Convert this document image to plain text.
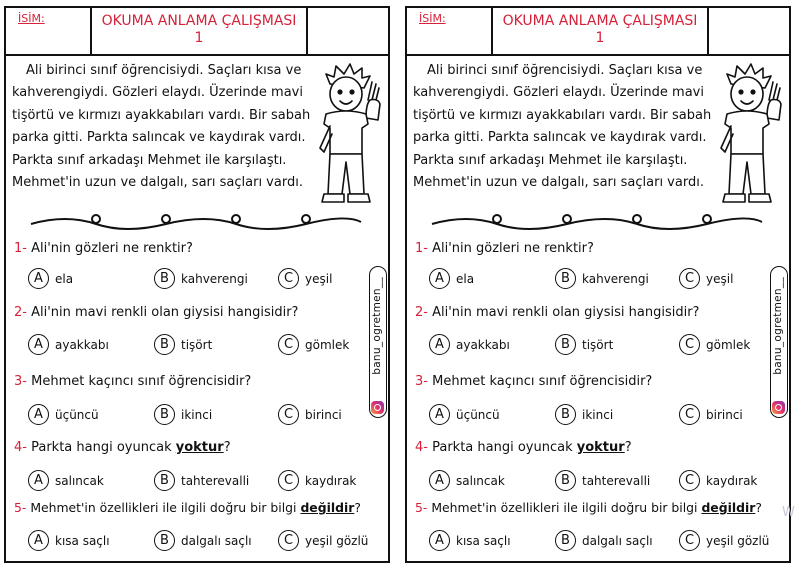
İSİM:	OKUMA ANLAMA ÇALIŞMASI
1
Ali birinci sınıf öğrencisiydi. Saçları kısa ve
kahverengiydi. Gözleri elaydı. Üzerinde mavi
tişörtü ve kırmızı ayakkabıları vardı. Bir sabah
parka gitti. Parkta salıncak ve kaydırak vardı.
Parkta sınıf arkadaşı Mehmet ile karşılaştı.
Mehmet'in uzun ve dalgalı, sarı saçları vardı.
1- Ali'nin gözleri ne renktir?
A	ela	B	kahverengi	C yeşil
2- Ali'nin mavi renkli olan giysisi hangisidir?
A	ayakkabı	B	tişört	C gömlek
3- Mehmet kaçıncı sınıf öğrencisidir?
A	üçüncü	B	ikinci	C birinci
4- Parkta hangi oyuncak yoktur?
A	salıncak	B	tahterevalli	C kaydırak
5- Mehmet'in özellikleri ile ilgili doğru bir bilgi değildir?
A	kısa saçlı	B	dalgalı saçlı	C yeşil gözlü
banu_ogretmen__
İSİM:	OKUMA ANLAMA ÇALIŞMASI
1
Ali birinci sınıf öğrencisiydi. Saçları kısa ve
kahverengiydi. Gözleri elaydı. Üzerinde mavi
tişörtü ve kırmızı ayakkabıları vardı. Bir sabah
parka gitti. Parkta salıncak ve kaydırak vardı.
Parkta sınıf arkadaşı Mehmet ile karşılaştı.
Mehmet'in uzun ve dalgalı, sarı saçları vardı.
1- Ali'nin gözleri ne renktir?
A	ela	B	kahverengi	C yeşil
2- Ali'nin mavi renkli olan giysisi hangisidir?
A	ayakkabı	B	tişört	C gömlek
3- Mehmet kaçıncı sınıf öğrencisidir?
A	üçüncü	B	ikinci	C birinci
4- Parkta hangi oyuncak yoktur?
A	salıncak	B	tahterevalli	C kaydırak
5- Mehmet'in özellikleri ile ilgili doğru bir bilgi değildir?
A	kısa saçlı	B	dalgalı saçlı	C yeşil gözlü
banu_ogretmen__
W
